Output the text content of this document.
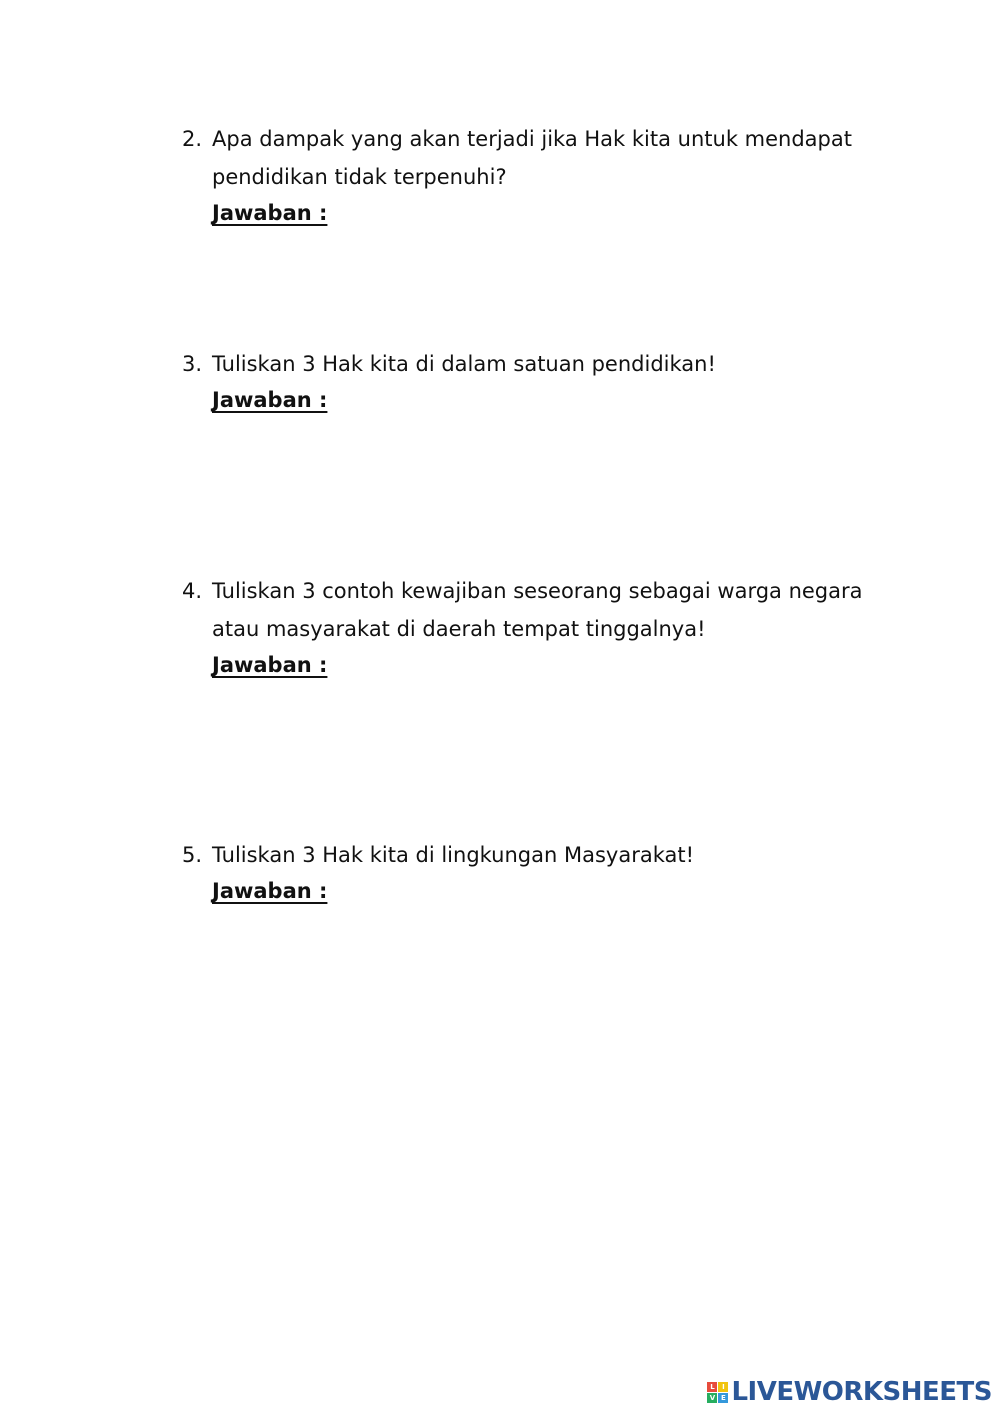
2. Apa dampak yang akan terjadi jika Hak kita untuk mendapat
pendidikan tidak terpenuhi?
Jawaban :
3. Tuliskan 3 Hak kita di dalam satuan pendidikan!
Jawaban :
4. Tuliskan 3 contoh kewajiban seseorang sebagai warga negara
atau masyarakat di daerah tempat tinggalnya!
Jawaban :
5. Tuliskan 3 Hak kita di lingkungan Masyarakat!
Jawaban :
L	I
V E LIVEWORKSHEETS
